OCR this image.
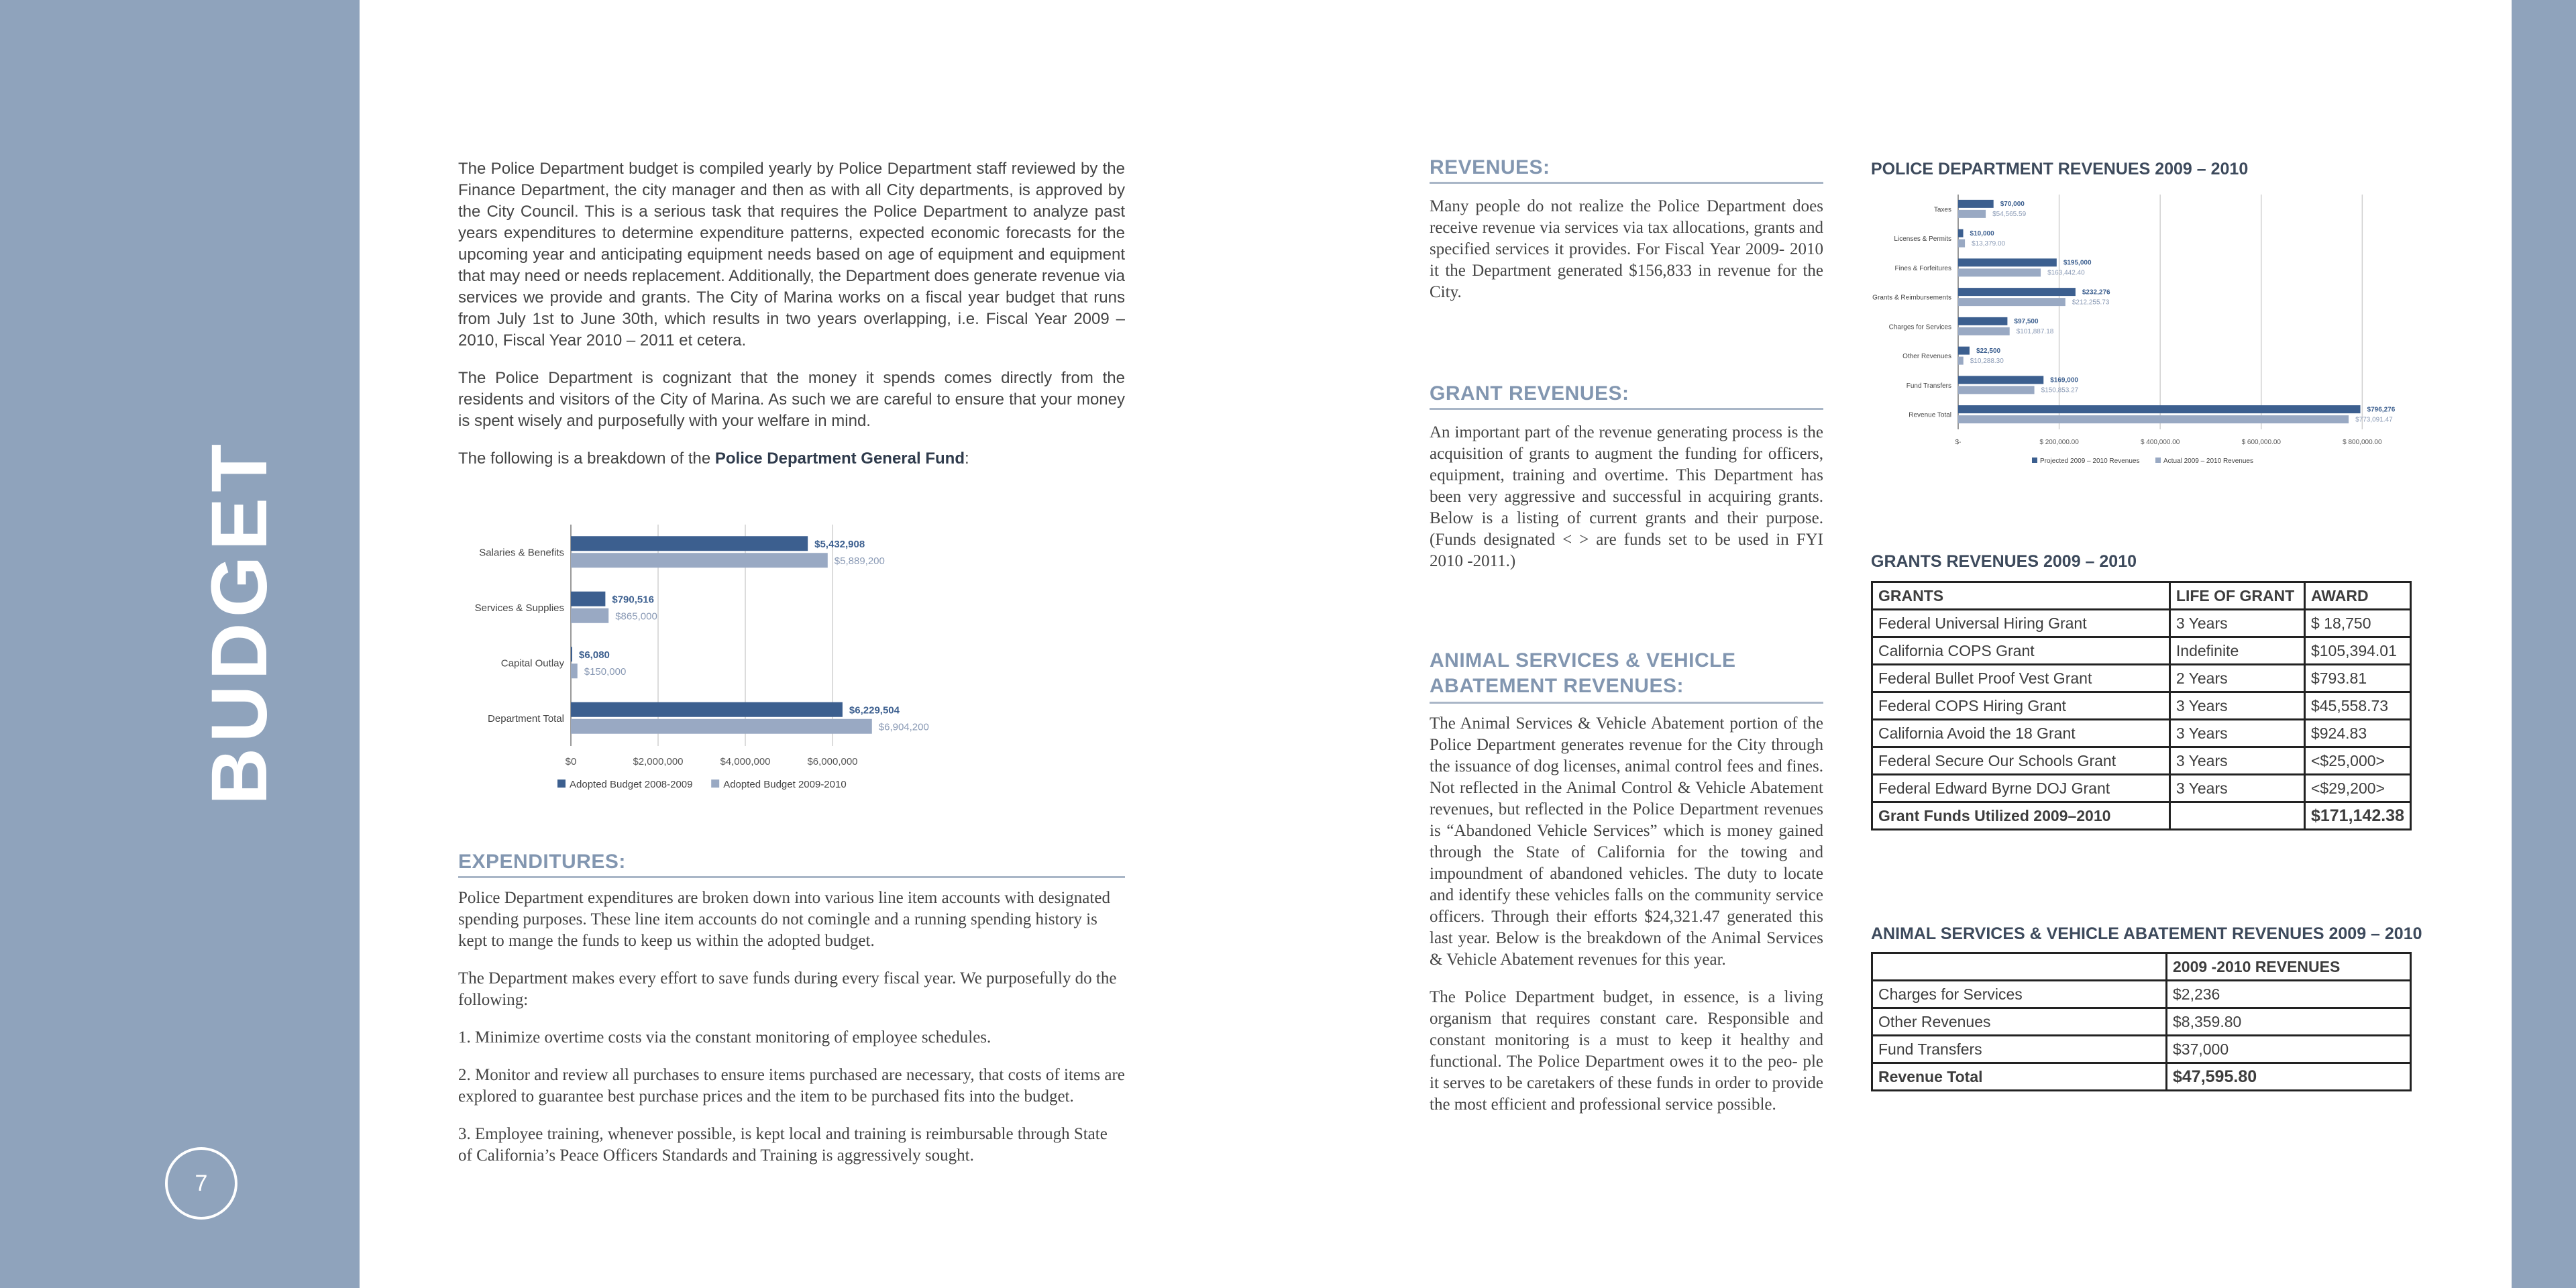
BUDGET
7

The Police Department budget is compiled yearly by Police Department staff reviewed by the Finance Department, the city manager and then as with all City departments, is approved by the City Council. This is a serious task that requires the Police Department to analyze past years expenditures to determine expenditure patterns, expected economic forecasts for the upcoming year and anticipating equipment needs based on age of equipment and equipment that may need or needs replacement. Additionally, the Department does generate revenue via services we provide and grants. The City of Marina works on a fiscal year budget that runs from July 1st to June 30th, which results in two years overlapping, i.e. Fiscal Year 2009 – 2010, Fiscal Year 2010 – 2011 et cetera.

The Police Department is cognizant that the money it spends comes directly from the residents and visitors of the City of Marina. As such we are careful to ensure that your money is spent wisely and purposefully with your welfare in mind.

The following is a breakdown of the Police Department General Fund:

$0	$2,000,000	$4,000,000	$6,000,000
Salaries & Benefits
$5,432,908
$5,889,200
Services & Supplies
$790,516
$865,000
Capital Outlay
$6,080
$150,000
Department Total
$6,229,504
$6,904,200
Adopted Budget 2008-2009	Adopted Budget 2009-2010
EXPENDITURES:

Police Department expenditures are broken down into various line item accounts with designated spending purposes. These line item accounts do not comingle and a running spending history is kept to mange the funds to keep us within the adopted budget.

The Department makes every effort to save funds during every fiscal year. We purposefully do the following:

1. Minimize overtime costs via the constant monitoring of employee schedules.

2. Monitor and review all purchases to ensure items purchased are necessary, that costs of items are explored to guarantee best purchase prices and the item to be purchased fits into the budget.

3. Employee training, whenever possible, is kept local and training is reimbursable through State of California’s Peace Officers Standards and Training is aggressively sought.

REVENUES:

Many people do not realize the Police Department does receive revenue via services via tax allocations, grants and specified services it provides. For Fiscal Year 2009- 2010 it the Department generated $156,833 in revenue for the City.

GRANT REVENUES:

An important part of the revenue generating process is the acquisition of grants to augment the funding for officers, equipment, training and overtime. This Department has been very aggressive and successful in acquiring grants. Below is a listing of current grants and their purpose. (Funds designated < > are funds set to be used in FYI 2010 -2011.)

ANIMAL SERVICES & VEHICLE
ABATEMENT REVENUES:

The Animal Services & Vehicle Abatement portion of the Police Department generates revenue for the City through the issuance of dog licenses, animal control fees and fines. Not reflected in the Animal Control & Vehicle Abatement revenues, but reflected in the Police Department revenues is “Abandoned Vehicle Services” which is money gained through the State of California for the towing and impoundment of abandoned vehicles. The duty to locate and identify these vehicles falls on the community service officers. Through their efforts $24,321.47 generated this last year. Below is the breakdown of the Animal Services & Vehicle Abatement revenues for this year.

The Police Department budget, in essence, is a living organism that requires constant care. Responsible and constant monitoring is a must to keep it healthy and functional. The Police Department owes it to the peo- ple it serves to be caretakers of these funds in order to provide the most efficient and professional service possible.

POLICE DEPARTMENT REVENUES 2009 – 2010
$-	$ 200,000.00	$ 400,000.00	$ 600,000.00	$ 800,000.00
Taxes
$70,000
$54,565.59
Licenses & Permits
$10,000
$13,379.00
Fines & Forfeitures
$195,000
$163,442.40
Grants & Reimbursements
$232,276
$212,255.73
Charges for Services
$97,500
$101,887.18
Other Revenues
$22,500
$10,288.30
Fund Transfers
$169,000
$150,853.27
Revenue Total
$796,276
$773,091.47
Projected 2009 – 2010 Revenues	Actual 2009 – 2010 Revenues
GRANTS REVENUES 2009 – 2010
GRANTS	LIFE OF GRANT	AWARD
Federal Universal Hiring Grant	3 Years	$ 18,750
California COPS Grant	Indefinite	$105,394.01
Federal Bullet Proof Vest Grant	2 Years	$793.81
Federal COPS Hiring Grant	3 Years	$45,558.73
California Avoid the 18 Grant	3 Years	$924.83
Federal Secure Our Schools Grant	3 Years	<$25,000>
Federal Edward Byrne DOJ Grant	3 Years	<$29,200>
Grant Funds Utilized 2009–2010		$171,142.38
ANIMAL SERVICES & VEHICLE ABATEMENT REVENUES 2009 – 2010
	2009 -2010 REVENUES
Charges for Services	$2,236
Other Revenues	$8,359.80
Fund Transfers	$37,000
Revenue Total	$47,595.80
